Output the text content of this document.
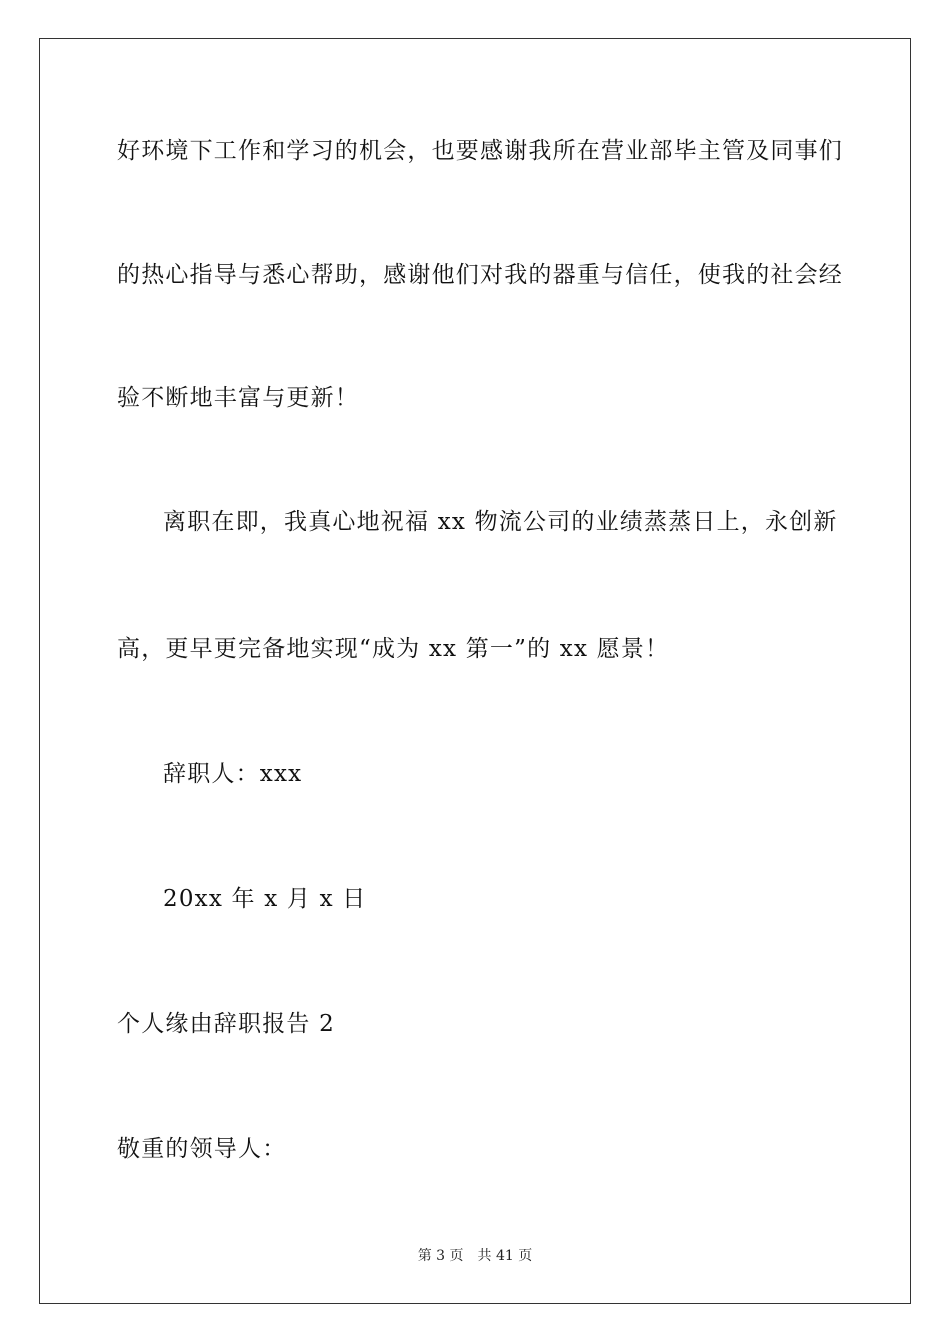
好环境下工作和学习的机会，也要感谢我所在营业部毕主管及同事们
的热心指导与悉心帮助，感谢他们对我的器重与信任，使我的社会经
验不断地丰富与更新！
离职在即，我真心地祝福 xx 物流公司的业绩蒸蒸日上，永创新
高，更早更完备地实现“成为 xx 第一”的 xx 愿景！
辞职人：xxx
20xx 年 x 月 x 日
个人缘由辞职报告 2
敬重的领导人：
第 3 页 共 41 页
